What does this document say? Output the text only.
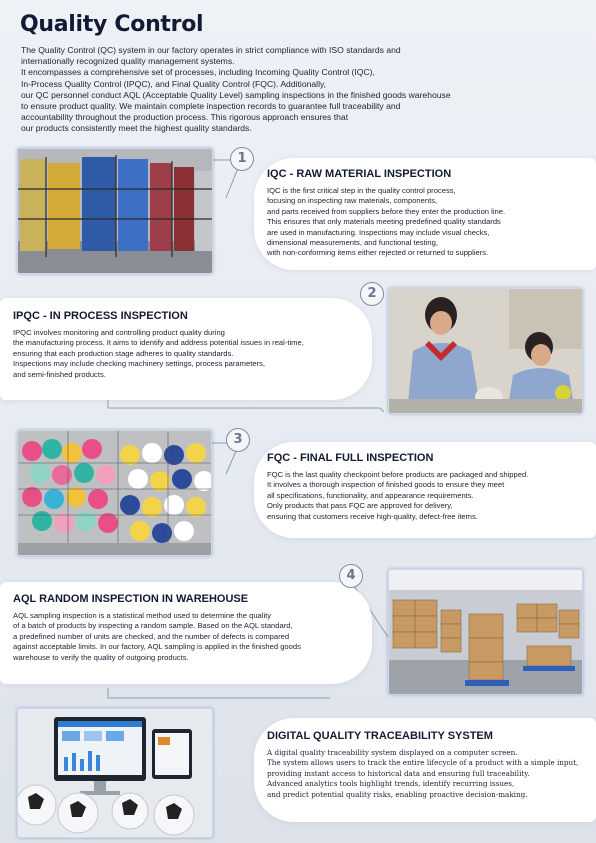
Quality Control

The Quality Control (QC) system in our factory operates in strict compliance with ISO standards and

internationally recognized quality management systems.

It encompasses a comprehensive set of processes, including Incoming Quality Control (IQC),

In-Process Quality Control (IPQC), and Final Quality Control (FQC). Additionally,

our QC personnel conduct AQL (Acceptable Quality Level) sampling inspections in the finished goods warehouse

to ensure product quality. We maintain complete inspection records to guarantee full traceability and

accountability throughout the production process. This rigorous approach ensures that

our products consistently meet the highest quality standards.

1
IQC - RAW MATERIAL INSPECTION

IQC is the first critical step in the quality control process,

focusing on inspecting raw materials, components,

and parts received from suppliers before they enter the production line.

This ensures that only materials meeting predefined quality standards

are used in manufacturing. Inspections may include visual checks,

dimensional measurements, and functional testing,

with non-conforming items either rejected or returned to suppliers.

IPQC - IN PROCESS INSPECTION

IPQC involves monitoring and controlling product quality during

the manufacturing process. It aims to identify and address potential issues in real-time,

ensuring that each production stage adheres to quality standards.

Inspections may include checking machinery settings, process parameters,

and semi-finished products.

2
3
FQC - FINAL FULL INSPECTION

FQC is the last quality checkpoint before products are packaged and shipped.

It involves a thorough inspection of finished goods to ensure they meet

all specifications, functionality, and appearance requirements.

Only products that pass FQC are approved for delivery,

ensuring that customers receive high-quality, defect-free items.

AQL RANDOM INSPECTION IN WAREHOUSE

AQL sampling inspection is a statistical method used to determine the quality

of a batch of products by inspecting a random sample. Based on the AQL standard,

a predefined number of units are checked, and the number of defects is compared

against acceptable limits. In our factory, AQL sampling is applied in the finished goods

warehouse to verify the quality of outgoing products.

4
DIGITAL QUALITY TRACEABILITY SYSTEM

A digital quality traceability system displayed on a computer screen.

The system allows users to track the entire lifecycle of a product with a simple input,

providing instant access to historical data and ensuring full traceability.

Advanced analytics tools highlight trends, identify recurring issues,

and predict potential quality risks, enabling proactive decision-making.
